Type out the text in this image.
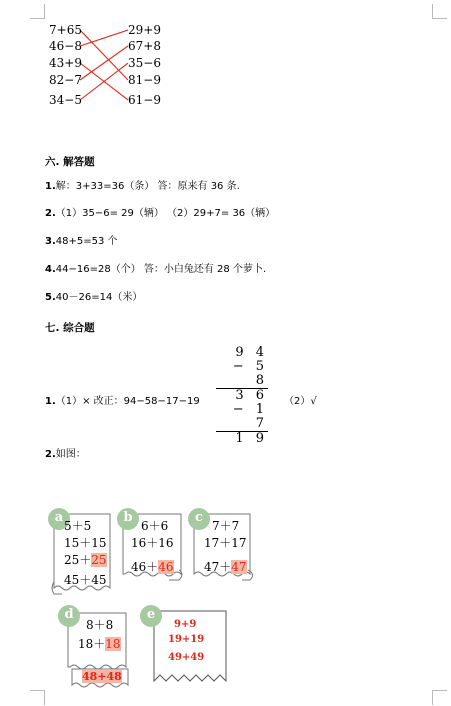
7+65
46−8
43+9
82−7
34−5
29+9
67+8
35−6
81−9
61−9
六. 解答题
1.解：3+33=36（条） 答：原来有 36 条.
2.（1）35−6= 29（辆） （2）29+7= 36（辆）
3.48+5=53 个
4.44−16=28（个） 答：小白兔还有 28 个萝卜.
5.40－26=14（米）
七. 综合题
9 4
− 5 8
3 6
− 1 7
1 9
1.（1）× 改正：94−58−17−19	（2）√
2.如图：
a
5＋5
15＋15
25＋25
45＋45
b
6＋6
16＋16
46＋46
c
7＋7
17＋17
47＋47
d
8＋8
18＋18
48+48
e
9+9
19+19
49+49
